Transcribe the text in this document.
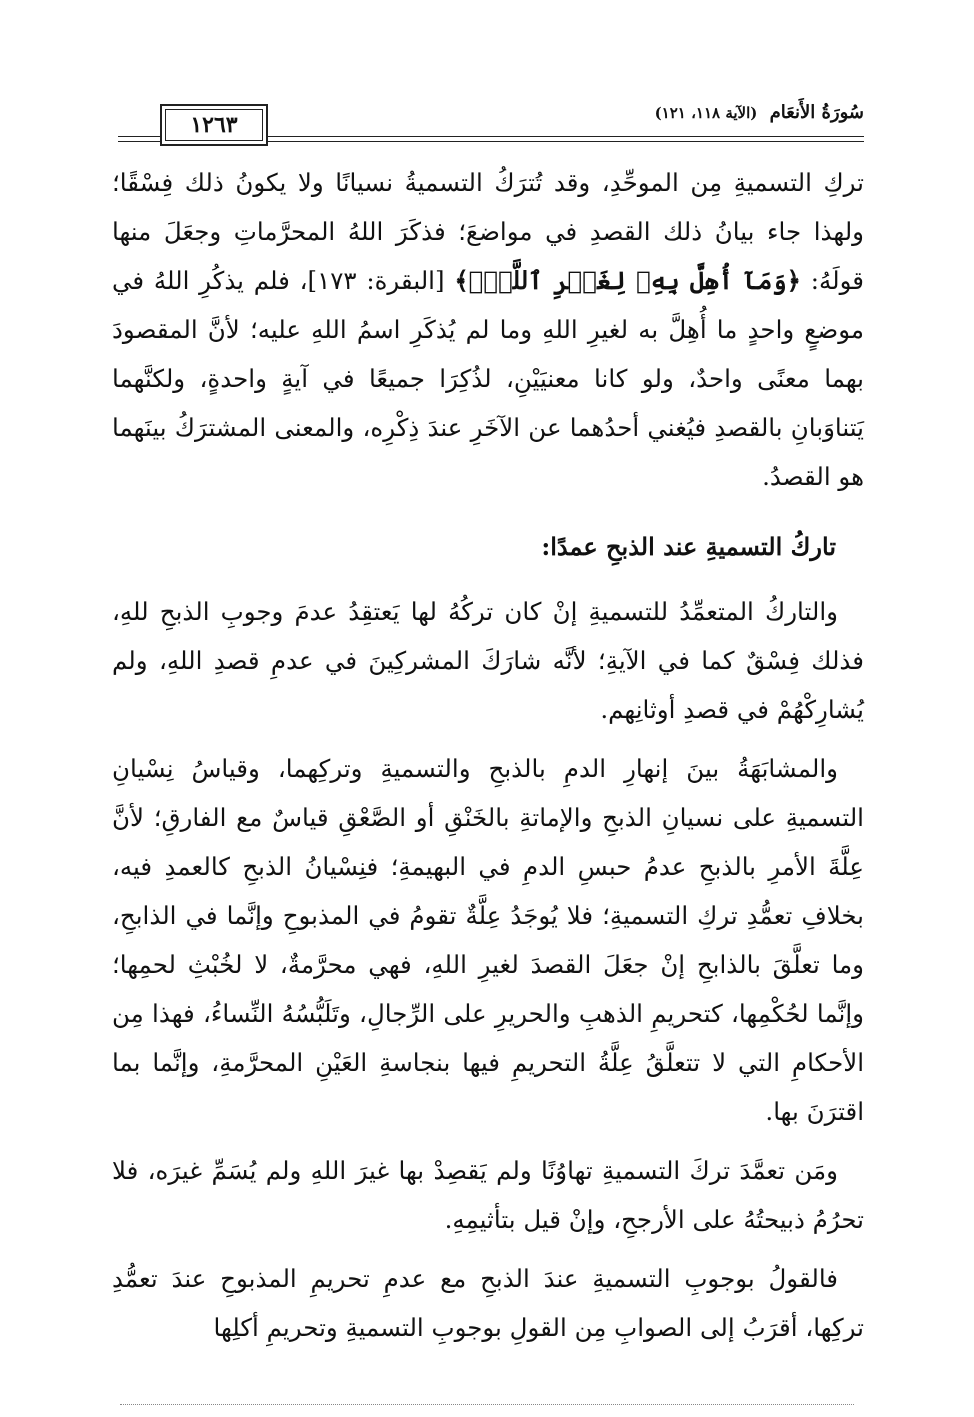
١٢٦٣	سُورَةُ الأَنعَام (الآية ١١٨، ١٢١)

تركِ التسميةِ مِن الموحِّدِ، وقد تُترَكُ التسميةُ نسيانًا ولا يكونُ ذلك فِسْقًا؛ ولهذا جاء بيانُ ذلك القصدِ في مواضعَ؛ فذكَرَ اللهُ المحرَّماتِ وجعَلَ منها قولَهُ: ﴿وَمَآ أُهِلَّ بِهِۦ لِغَيۡرِ ٱللَّهِۖ﴾ [البقرة: ١٧٣]، فلم يذكُرِ اللهُ في موضعٍ واحدٍ ما أُهِلَّ به لغيرِ اللهِ وما لم يُذكَرِ اسمُ اللهِ عليه؛ لأنَّ المقصودَ بهما معنًى واحدٌ، ولو كانا معنيَيْنِ، لذُكِرَا جميعًا في آيةٍ واحدةٍ، ولكنَّهما يَتناوَبانِ بالقصدِ فيُغني أحدُهما عن الآخَرِ عندَ ذِكْرِه، والمعنى المشترَكُ بينَهما هو القصدُ.

تاركُ التسميةِ عند الذبحِ عمدًا:

والتاركُ المتعمِّدُ للتسميةِ إنْ كان تركُهُ لها يَعتقِدُ عدمَ وجوبِ الذبحِ للهِ، فذلك فِسْقٌ كما في الآيةِ؛ لأنَّه شارَكَ المشركِينَ في عدمِ قصدِ اللهِ، ولم يُشارِكْهُمْ في قصدِ أوثانِهم.

والمشابَهَةُ بينَ إنهارِ الدمِ بالذبحِ والتسميةِ وتركِهما، وقياسُ نِسْيانِ التسميةِ على نسيانِ الذبحِ والإماتةِ بالخَنْقِ أو الصَّعْقِ قياسٌ مع الفارقِ؛ لأنَّ عِلَّةَ الأمرِ بالذبحِ عدمُ حبسِ الدمِ في البهيمةِ؛ فنِسْيانُ الذبحِ كالعمدِ فيه، بخلافِ تعمُّدِ تركِ التسميةِ؛ فلا يُوجَدُ عِلَّةٌ تقومُ في المذبوحِ وإنَّما في الذابحِ، وما تعلَّقَ بالذابحِ إنْ جعَلَ القصدَ لغيرِ اللهِ، فهي محرَّمةٌ، لا لخُبْثِ لحمِها؛ وإنَّما لحُكْمِها، كتحريمِ الذهبِ والحريرِ على الرِّجالِ، وتَلَبُّسُهُ النِّساءُ، فهذا مِن الأحكامِ التي لا تتعلَّقُ عِلَّةُ التحريمِ فيها بنجاسةِ العَيْنِ المحرَّمةِ، وإنَّما بما اقترَنَ بها.

ومَن تعمَّدَ تركَ التسميةِ تهاوُنًا ولم يَقصِدْ بها غيرَ اللهِ ولم يُسَمِّ غيرَه، فلا تحرُمُ ذبيحتُهُ على الأرجحِ، وإنْ قيل بتأثيمِهِ.

فالقولُ بوجوبِ التسميةِ عندَ الذبحِ مع عدمِ تحريمِ المذبوحِ عندَ تعمُّدِ تركِها، أقرَبُ إلى الصوابِ مِن القولِ بوجوبِ التسميةِ وتحريمِ أكلِها
